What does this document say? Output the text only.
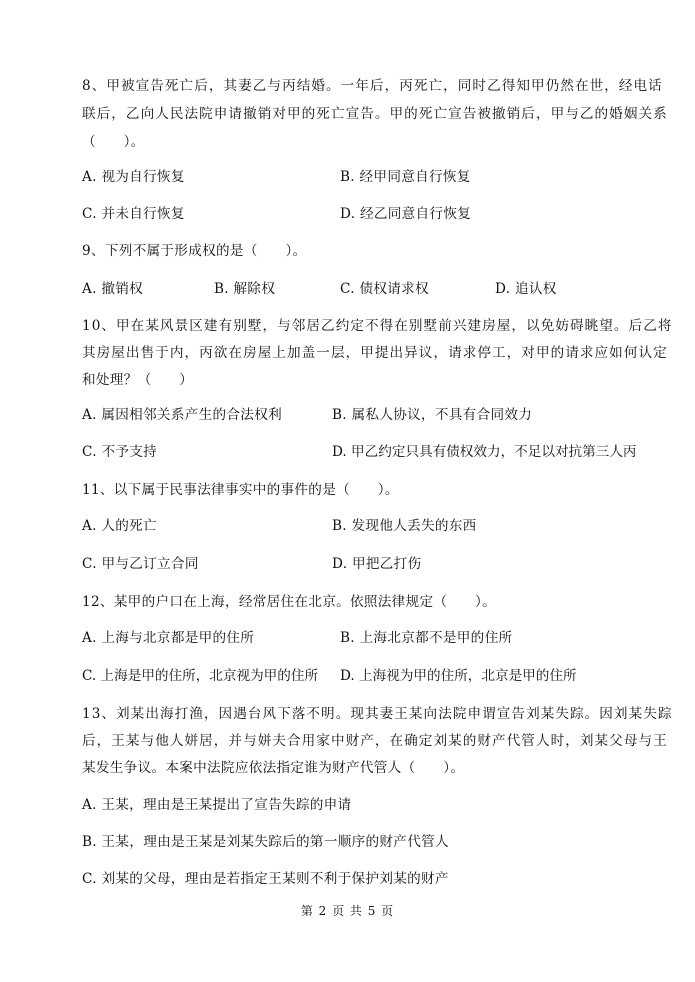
8、甲被宣告死亡后，其妻乙与丙结婚。一年后，丙死亡，同时乙得知甲仍然在世，经电话
联后，乙向人民法院申请撤销对甲的死亡宣告。甲的死亡宣告被撤销后，甲与乙的婚姻关系
（　　）。
A. 视为自行恢复	B. 经甲同意自行恢复
C. 并未自行恢复	D. 经乙同意自行恢复
9、下列不属于形成权的是（　　）。
A. 撤销权	B. 解除权	C. 债权请求权	D. 追认权
10、甲在某风景区建有别墅，与邻居乙约定不得在别墅前兴建房屋，以免妨碍眺望。后乙将
其房屋出售于内，丙欲在房屋上加盖一层，甲提出异议，请求停工，对甲的请求应如何认定
和处理？（　　）
A. 属因相邻关系产生的合法权利	B. 属私人协议，不具有合同效力
C. 不予支持	D. 甲乙约定只具有债权效力，不足以对抗第三人丙
11、以下属于民事法律事实中的事件的是（　　）。
A. 人的死亡	B. 发现他人丢失的东西
C. 甲与乙订立合同	D. 甲把乙打伤
12、某甲的户口在上海，经常居住在北京。依照法律规定（　　）。
A. 上海与北京都是甲的住所	B. 上海北京都不是甲的住所
C. 上海是甲的住所，北京视为甲的住所 D. 上海视为甲的住所，北京是甲的住所
13、刘某出海打渔，因遇台风下落不明。现其妻王某向法院申谓宣告刘某失踪。因刘某失踪
后，王某与他人姘居，并与姘夫合用家中财产，在确定刘某的财产代管人时，刘某父母与王
某发生争议。本案中法院应依法指定谁为财产代管人（　　）。
A. 王某，理由是王某提出了宣告失踪的申请
B. 王某，理由是王某是刘某失踪后的第一顺序的财产代管人
C. 刘某的父母，理由是若指定王某则不利于保护刘某的财产
第 2 页 共 5 页
